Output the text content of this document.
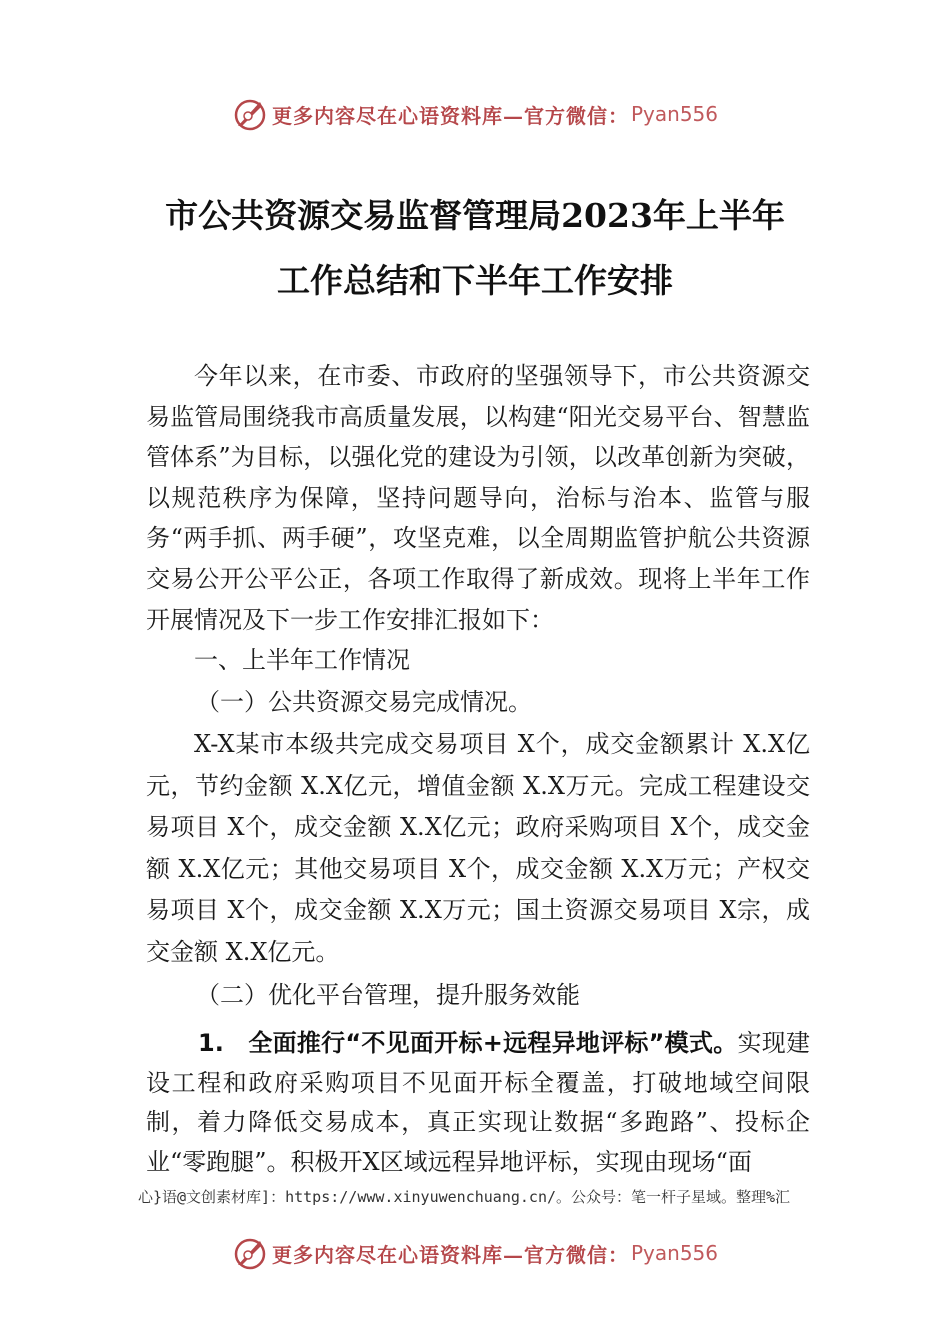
更多内容尽在心语资料库—官方微信： Pyan556
市公共资源交易监督管理局2023年上半年
工作总结和下半年工作安排

今年以来，在市委、市政府的坚强领导下，市公共资源交易监管局围绕我市高质量发展，以构建“阳光交易平台、智慧监管体系”为目标，以强化党的建设为引领，以改革创新为突破，以规范秩序为保障，坚持问题导向，治标与治本、监管与服务“两手抓、两手硬”，攻坚克难，以全周期监管护航公共资源交易公开公平公正，各项工作取得了新成效。现将上半年工作开展情况及下一步工作安排汇报如下：

一、上半年工作情况

（一）公共资源交易完成情况。

X-X某市本级共完成交易项目 X个，成交金额累计 X.X亿元，节约金额 X.X亿元，增值金额 X.X万元。完成工程建设交易项目 X个，成交金额 X.X亿元；政府采购项目 X个，成交金额 X.X亿元；其他交易项目 X个，成交金额 X.X万元；产权交易项目 X个，成交金额 X.X万元；国土资源交易项目 X宗，成交金额 X.X亿元。

（二）优化平台管理，提升服务效能

1.　全面推行“不见面开标+远程异地评标”模式。实现建设工程和政府采购项目不见面开标全覆盖，打破地域空间限制，着力降低交易成本，真正实现让数据“多跑路”、投标企业“零跑腿”。积极开X区域远程异地评标，实现由现场“面

心}语@文创素材库]：https://www.xinyuwenchuang.cn/。公众号：笔一杆子星域。整理%汇
更多内容尽在心语资料库—官方微信： Pyan556
